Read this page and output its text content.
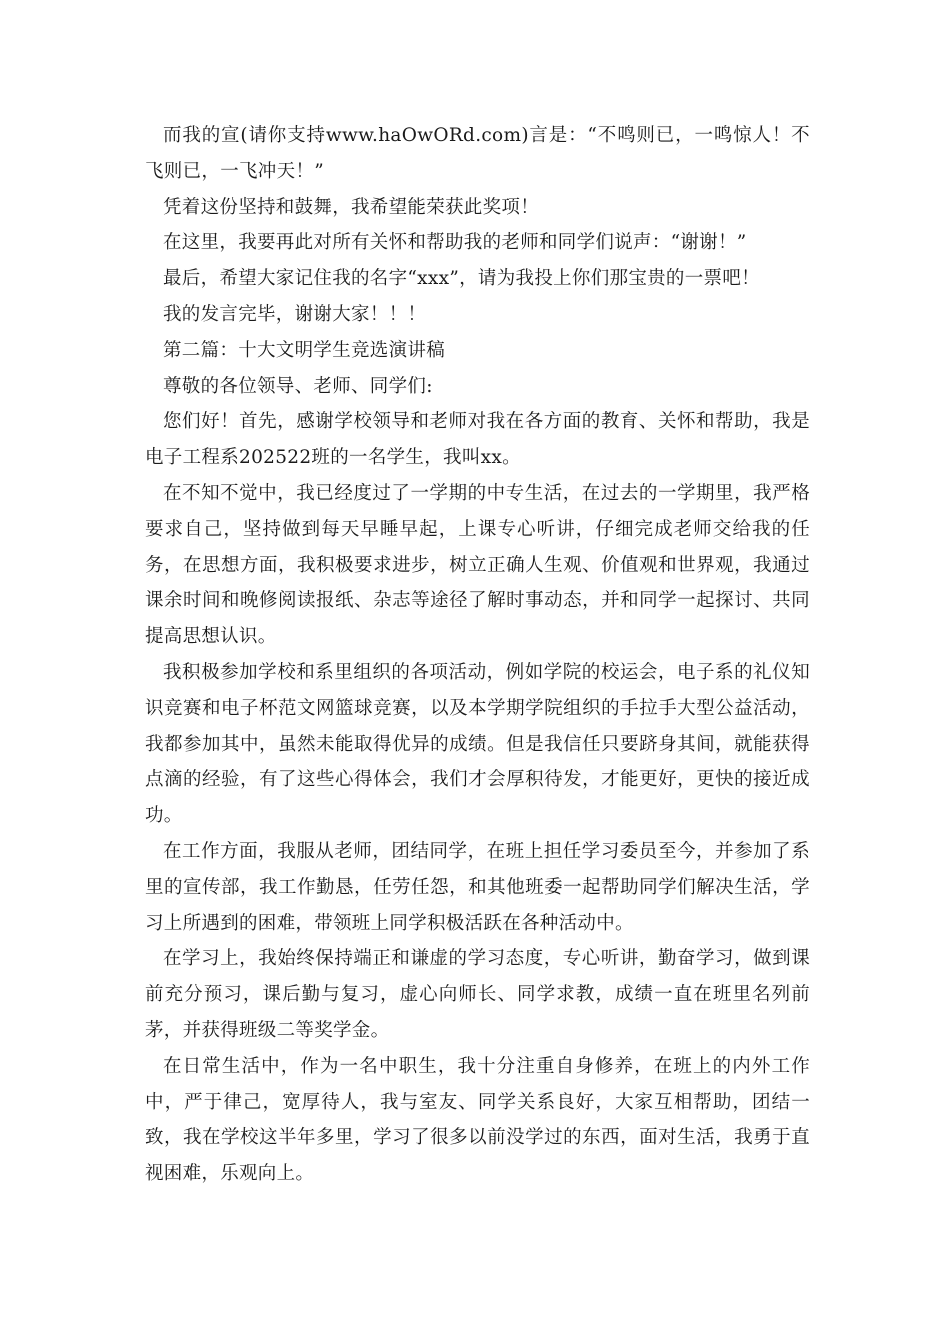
而我的宣(请你支持www.haOwORd.com)言是：“不鸣则已，一鸣惊人！不飞则已，一飞冲天！”

凭着这份坚持和鼓舞，我希望能荣获此奖项！

在这里，我要再此对所有关怀和帮助我的老师和同学们说声：“谢谢！”

最后，希望大家记住我的名字“xxx”，请为我投上你们那宝贵的一票吧！

我的发言完毕，谢谢大家！！！

第二篇：十大文明学生竞选演讲稿

尊敬的各位领导、老师、同学们:

您们好！首先，感谢学校领导和老师对我在各方面的教育、关怀和帮助，我是电子工程系202522班的一名学生，我叫xx。

在不知不觉中，我已经度过了一学期的中专生活，在过去的一学期里，我严格要求自己，坚持做到每天早睡早起，上课专心听讲，仔细完成老师交给我的任务，在思想方面，我积极要求进步，树立正确人生观、价值观和世界观，我通过课余时间和晚修阅读报纸、杂志等途径了解时事动态，并和同学一起探讨、共同提高思想认识。

我积极参加学校和系里组织的各项活动，例如学院的校运会，电子系的礼仪知识竞赛和电子杯范文网篮球竞赛，以及本学期学院组织的手拉手大型公益活动，我都参加其中，虽然未能取得优异的成绩。但是我信任只要跻身其间，就能获得点滴的经验，有了这些心得体会，我们才会厚积待发，才能更好，更快的接近成功。

在工作方面，我服从老师，团结同学，在班上担任学习委员至今，并参加了系里的宣传部，我工作勤恳，任劳任怨，和其他班委一起帮助同学们解决生活，学习上所遇到的困难，带领班上同学积极活跃在各种活动中。

在学习上，我始终保持端正和谦虚的学习态度，专心听讲，勤奋学习，做到课前充分预习，课后勤与复习，虚心向师长、同学求教，成绩一直在班里名列前茅，并获得班级二等奖学金。

在日常生活中，作为一名中职生，我十分注重自身修养，在班上的内外工作中，严于律己，宽厚待人，我与室友、同学关系良好，大家互相帮助，团结一致，我在学校这半年多里，学习了很多以前没学过的东西，面对生活，我勇于直视困难，乐观向上。
